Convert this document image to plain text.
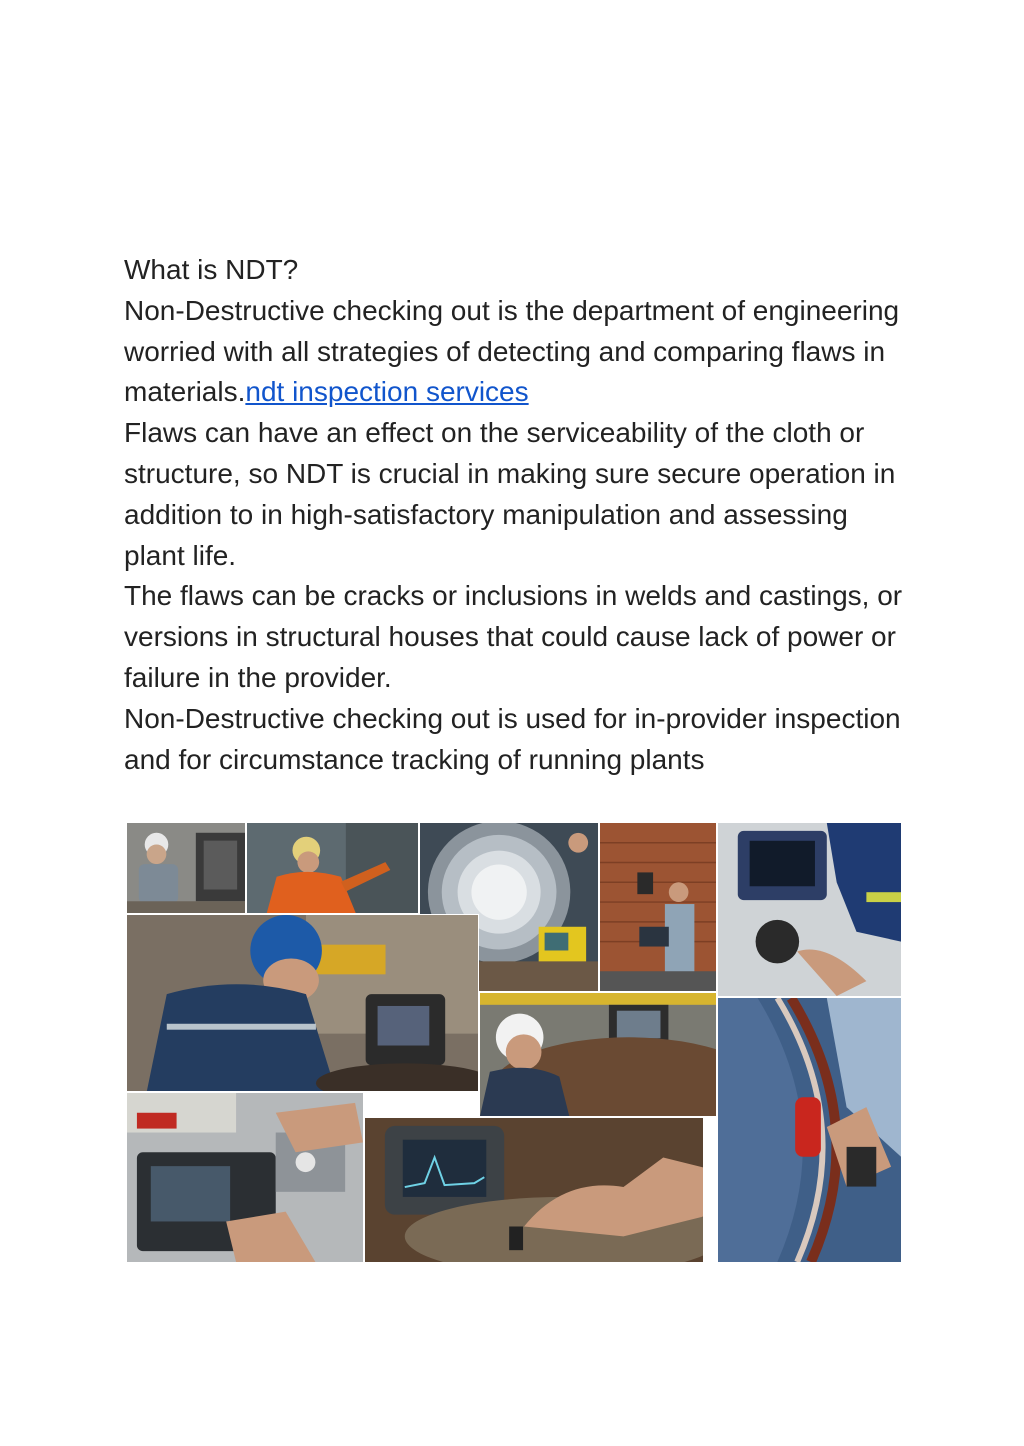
What is NDT?

Non-Destructive checking out is the department of engineering worried with all strategies of detecting and comparing flaws in materials.ndt inspection services
Flaws can have an effect on the serviceability of the cloth or structure, so NDT is crucial in making sure secure operation in addition to in high-satisfactory manipulation and assessing plant life.

The flaws can be cracks or inclusions in welds and castings, or versions in structural houses that could cause lack of power or failure in the provider.

Non-Destructive checking out is used for in-provider inspection and for circumstance tracking of running plants
